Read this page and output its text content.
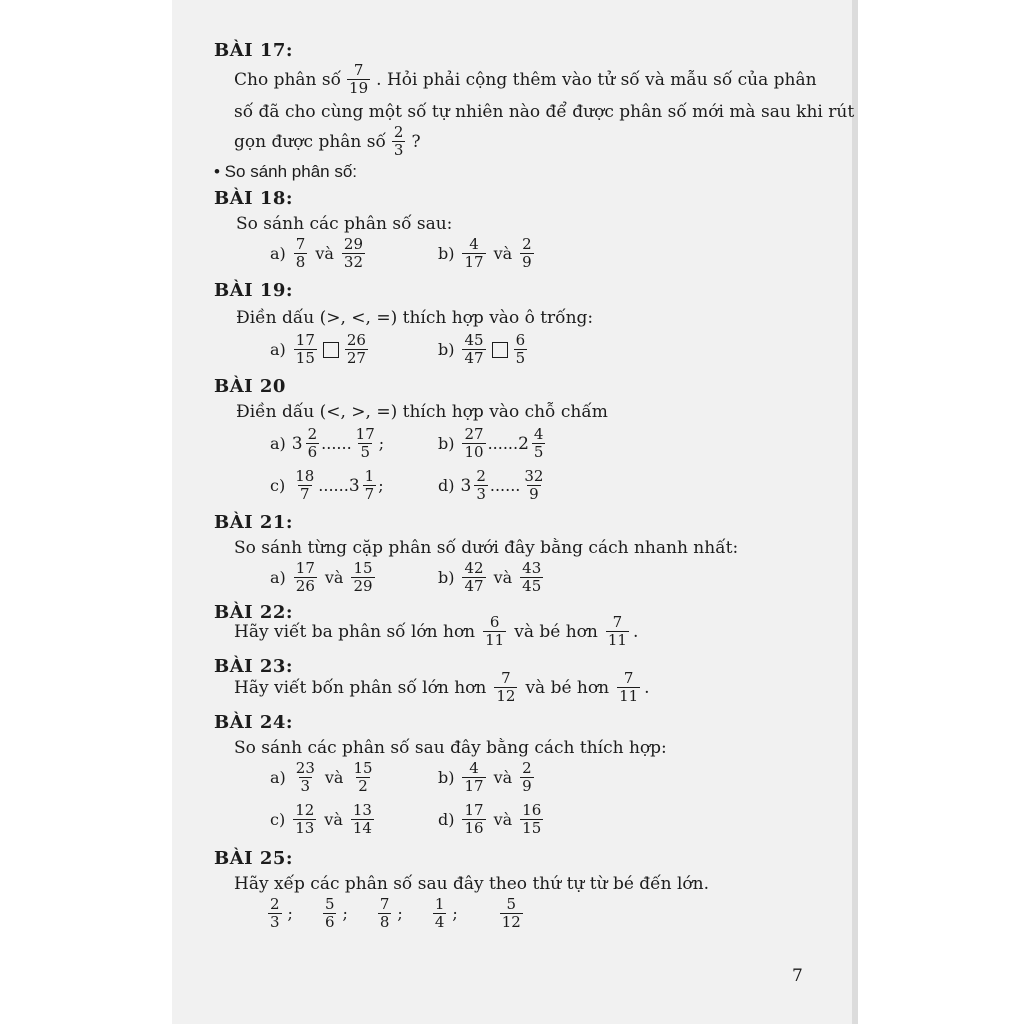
BÀI 17:
Cho phân số $\frac{7}{19}$ . Hỏi phải cộng thêm vào tử số và mẫu số của phân
số đã cho cùng một số tự nhiên nào để được phân số mới mà sau khi rút
gọn được phân số $\frac{2}{3}$ ?
• So sánh phân số:
BÀI 18:
So sánh các phân số sau:
$a) \frac{7}{8}$ và $\frac{29}{32}$	$b) \frac{4}{17}$ và $\frac{2}{9}$
BÀI 19:
Điền dấu (>, <, =) thích hợp vào ô trống:
$a) \frac{17}{15} \frac{26}{27}$	$b) \frac{45}{47} \frac{6}{5}$
BÀI 20
Điền dấu (<, >, =) thích hợp vào chỗ chấm
a) $3 \frac{2}{6}$ ...... $\frac{17}{5}$ ;	$b) \frac{27}{10}$ ...... $2 \frac{4}{5}$
$c) \frac{18}{7}$ ...... $3 \frac{1}{7}$ ;	d) $3 \frac{2}{3}$ ...... $\frac{32}{9}$
BÀI 21:
So sánh từng cặp phân số dưới đây bằng cách nhanh nhất:
$a) \frac{17}{26}$ và $\frac{15}{29}$	$b) \frac{42}{47}$ và $\frac{43}{45}$
BÀI 22:
Hãy viết ba phân số lớn hơn $\frac{6}{11}$ và bé hơn $\frac{7}{11}$ .
BÀI 23:
Hãy viết bốn phân số lớn hơn $\frac{7}{12}$ và bé hơn $\frac{7}{11}$ .
BÀI 24:
So sánh các phân số sau đây bằng cách thích hợp:
$a) \frac{23}{3}$ và $\frac{15}{2}$	$b) \frac{4}{17}$ và $\frac{2}{9}$
$c) \frac{12}{13}$ và $\frac{13}{14}$	$d) \frac{17}{16}$ và $\frac{16}{15}$
BÀI 25:
Hãy xếp các phân số sau đây theo thứ tự từ bé đến lớn.
$\frac{2}{3}$ ; $\frac{5}{6}$ ; $\frac{7}{8}$ ; $\frac{1}{4}$ ;	$\frac{5}{12}$
7
